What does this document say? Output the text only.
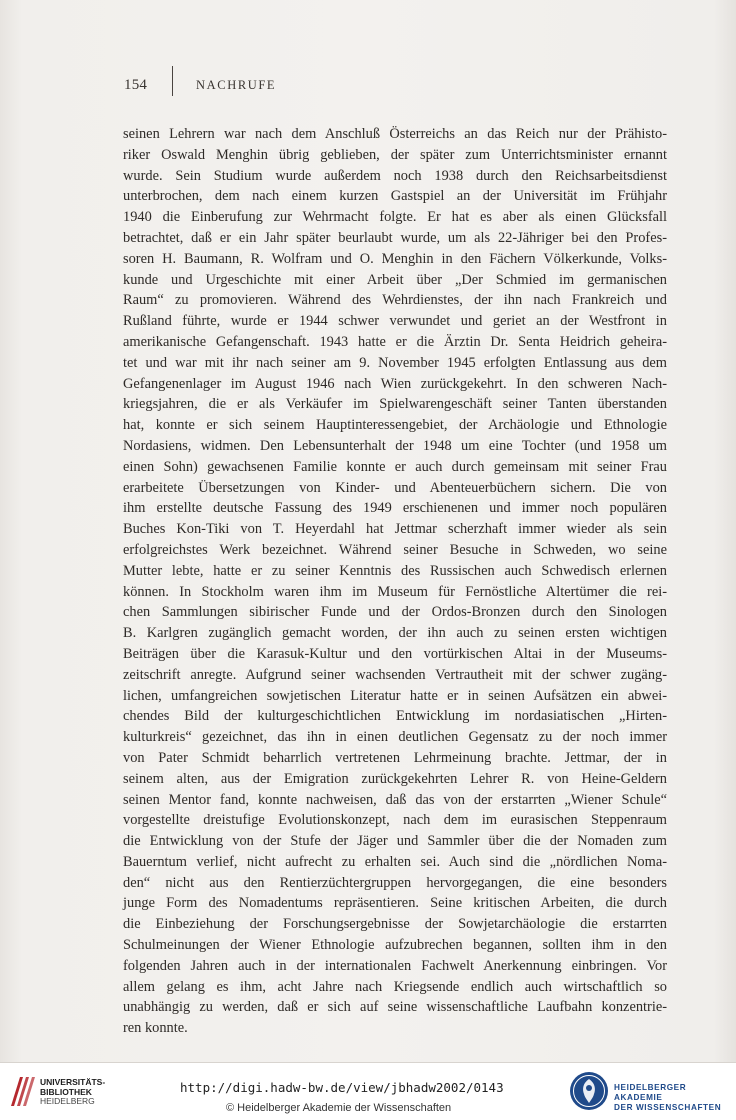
154	NACHRUFE
seinen Lehrern war nach dem Anschluß Österreichs an das Reich nur der Prähisto-
riker Oswald Menghin übrig geblieben, der später zum Unterrichtsminister ernannt
wurde. Sein Studium wurde außerdem noch 1938 durch den Reichsarbeitsdienst
unterbrochen, dem nach einem kurzen Gastspiel an der Universität im Frühjahr
1940 die Einberufung zur Wehrmacht folgte. Er hat es aber als einen Glücksfall
betrachtet, daß er ein Jahr später beurlaubt wurde, um als 22-Jähriger bei den Profes-
soren H. Baumann, R. Wolfram und O. Menghin in den Fächern Völkerkunde, Volks-
kunde und Urgeschichte mit einer Arbeit über „Der Schmied im germanischen
Raum“ zu promovieren. Während des Wehrdienstes, der ihn nach Frankreich und
Rußland führte, wurde er 1944 schwer verwundet und geriet an der Westfront in
amerikanische Gefangenschaft. 1943 hatte er die Ärztin Dr. Senta Heidrich geheira-
tet und war mit ihr nach seiner am 9. November 1945 erfolgten Entlassung aus dem
Gefangenenlager im August 1946 nach Wien zurückgekehrt. In den schweren Nach-
kriegsjahren, die er als Verkäufer im Spielwarengeschäft seiner Tanten überstanden
hat, konnte er sich seinem Hauptinteressengebiet, der Archäologie und Ethnologie
Nordasiens, widmen. Den Lebensunterhalt der 1948 um eine Tochter (und 1958 um
einen Sohn) gewachsenen Familie konnte er auch durch gemeinsam mit seiner Frau
erarbeitete Übersetzungen von Kinder- und Abenteuerbüchern sichern. Die von
ihm erstellte deutsche Fassung des 1949 erschienenen und immer noch populären
Buches Kon-Tiki von T. Heyerdahl hat Jettmar scherzhaft immer wieder als sein
erfolgreichstes Werk bezeichnet. Während seiner Besuche in Schweden, wo seine
Mutter lebte, hatte er zu seiner Kenntnis des Russischen auch Schwedisch erlernen
können. In Stockholm waren ihm im Museum für Fernöstliche Altertümer die rei-
chen Sammlungen sibirischer Funde und der Ordos-Bronzen durch den Sinologen
B. Karlgren zugänglich gemacht worden, der ihn auch zu seinen ersten wichtigen
Beiträgen über die Karasuk-Kultur und den vortürkischen Altai in der Museums-
zeitschrift anregte. Aufgrund seiner wachsenden Vertrautheit mit der schwer zugäng-
lichen, umfangreichen sowjetischen Literatur hatte er in seinen Aufsätzen ein abwei-
chendes Bild der kulturgeschichtlichen Entwicklung im nordasiatischen „Hirten-
kulturkreis“ gezeichnet, das ihn in einen deutlichen Gegensatz zu der noch immer
von Pater Schmidt beharrlich vertretenen Lehrmeinung brachte. Jettmar, der in
seinem alten, aus der Emigration zurückgekehrten Lehrer R. von Heine-Geldern
seinen Mentor fand, konnte nachweisen, daß das von der erstarrten „Wiener Schule“
vorgestellte dreistufige Evolutionskonzept, nach dem im eurasischen Steppenraum
die Entwicklung von der Stufe der Jäger und Sammler über die der Nomaden zum
Bauerntum verlief, nicht aufrecht zu erhalten sei. Auch sind die „nördlichen Noma-
den“ nicht aus den Rentierzüchtergruppen hervorgegangen, die eine besonders
junge Form des Nomadentums repräsentieren. Seine kritischen Arbeiten, die durch
die Einbeziehung der Forschungsergebnisse der Sowjetarchäologie die erstarrten
Schulmeinungen der Wiener Ethnologie aufzubrechen begannen, sollten ihm in den
folgenden Jahren auch in der internationalen Fachwelt Anerkennung einbringen. Vor
allem gelang es ihm, acht Jahre nach Kriegsende endlich auch wirtschaftlich so
unabhängig zu werden, daß er sich auf seine wissenschaftliche Laufbahn konzentrie-
ren konnte.
UNIVERSITÄTS-
BIBLIOTHEK
HEIDELBERG
http://digi.hadw-bw.de/view/jbhadw2002/0143
© Heidelberger Akademie der Wissenschaften
HEIDELBERGER AKADEMIE
DER WISSENSCHAFTEN
